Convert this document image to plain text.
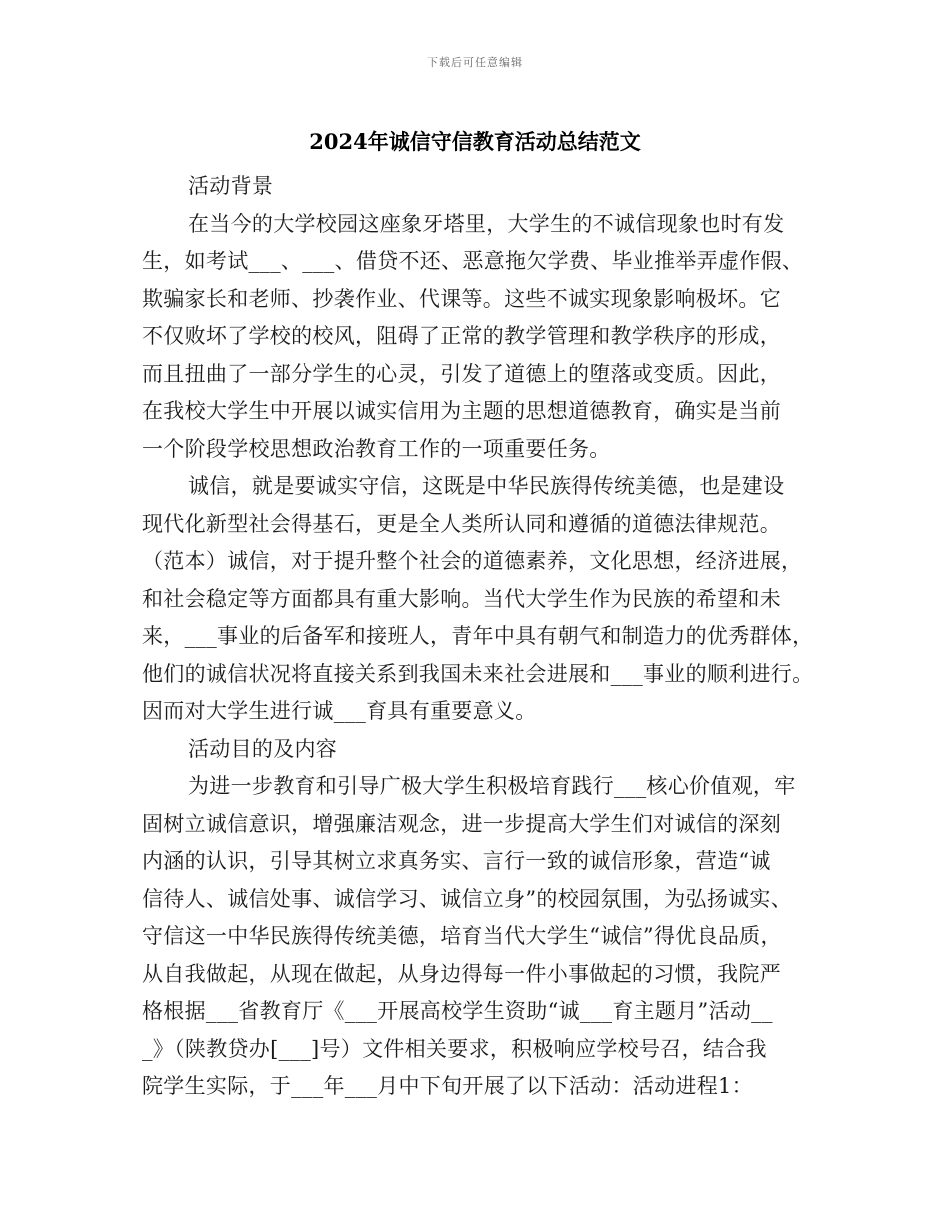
下载后可任意编辑
2024年诚信守信教育活动总结范文
活动背景
在当今的大学校园这座象牙塔里，大学生的不诚信现象也时有发
生，如考试___、___、借贷不还、恶意拖欠学费、毕业推举弄虚作假、
欺骗家长和老师、抄袭作业、代课等。这些不诚实现象影响极坏。它
不仅败坏了学校的校风，阻碍了正常的教学管理和教学秩序的形成，
而且扭曲了一部分学生的心灵，引发了道德上的堕落或变质。因此，
在我校大学生中开展以诚实信用为主题的思想道德教育，确实是当前
一个阶段学校思想政治教育工作的一项重要任务。
诚信，就是要诚实守信，这既是中华民族得传统美德，也是建设
现代化新型社会得基石，更是全人类所认同和遵循的道德法律规范。
（范本）诚信，对于提升整个社会的道德素养，文化思想，经济进展，
和社会稳定等方面都具有重大影响。当代大学生作为民族的希望和未
来，___事业的后备军和接班人，青年中具有朝气和制造力的优秀群体，
他们的诚信状况将直接关系到我国未来社会进展和___事业的顺利进行。
因而对大学生进行诚___育具有重要意义。
活动目的及内容
为进一步教育和引导广极大学生积极培育践行___核心价值观，牢
固树立诚信意识，增强廉洁观念，进一步提高大学生们对诚信的深刻
内涵的认识，引导其树立求真务实、言行一致的诚信形象，营造“诚
信待人、诚信处事、诚信学习、诚信立身”的校园氛围，为弘扬诚实、
守信这一中华民族得传统美德，培育当代大学生“诚信”得优良品质，
从自我做起，从现在做起，从身边得每一件小事做起的习惯，我院严
格根据___省教育厅《___开展高校学生资助“诚___育主题月”活动__
_》（陕教贷办[___]号）文件相关要求，积极响应学校号召，结合我
院学生实际，于___年___月中下旬开展了以下活动：活动进程1：
